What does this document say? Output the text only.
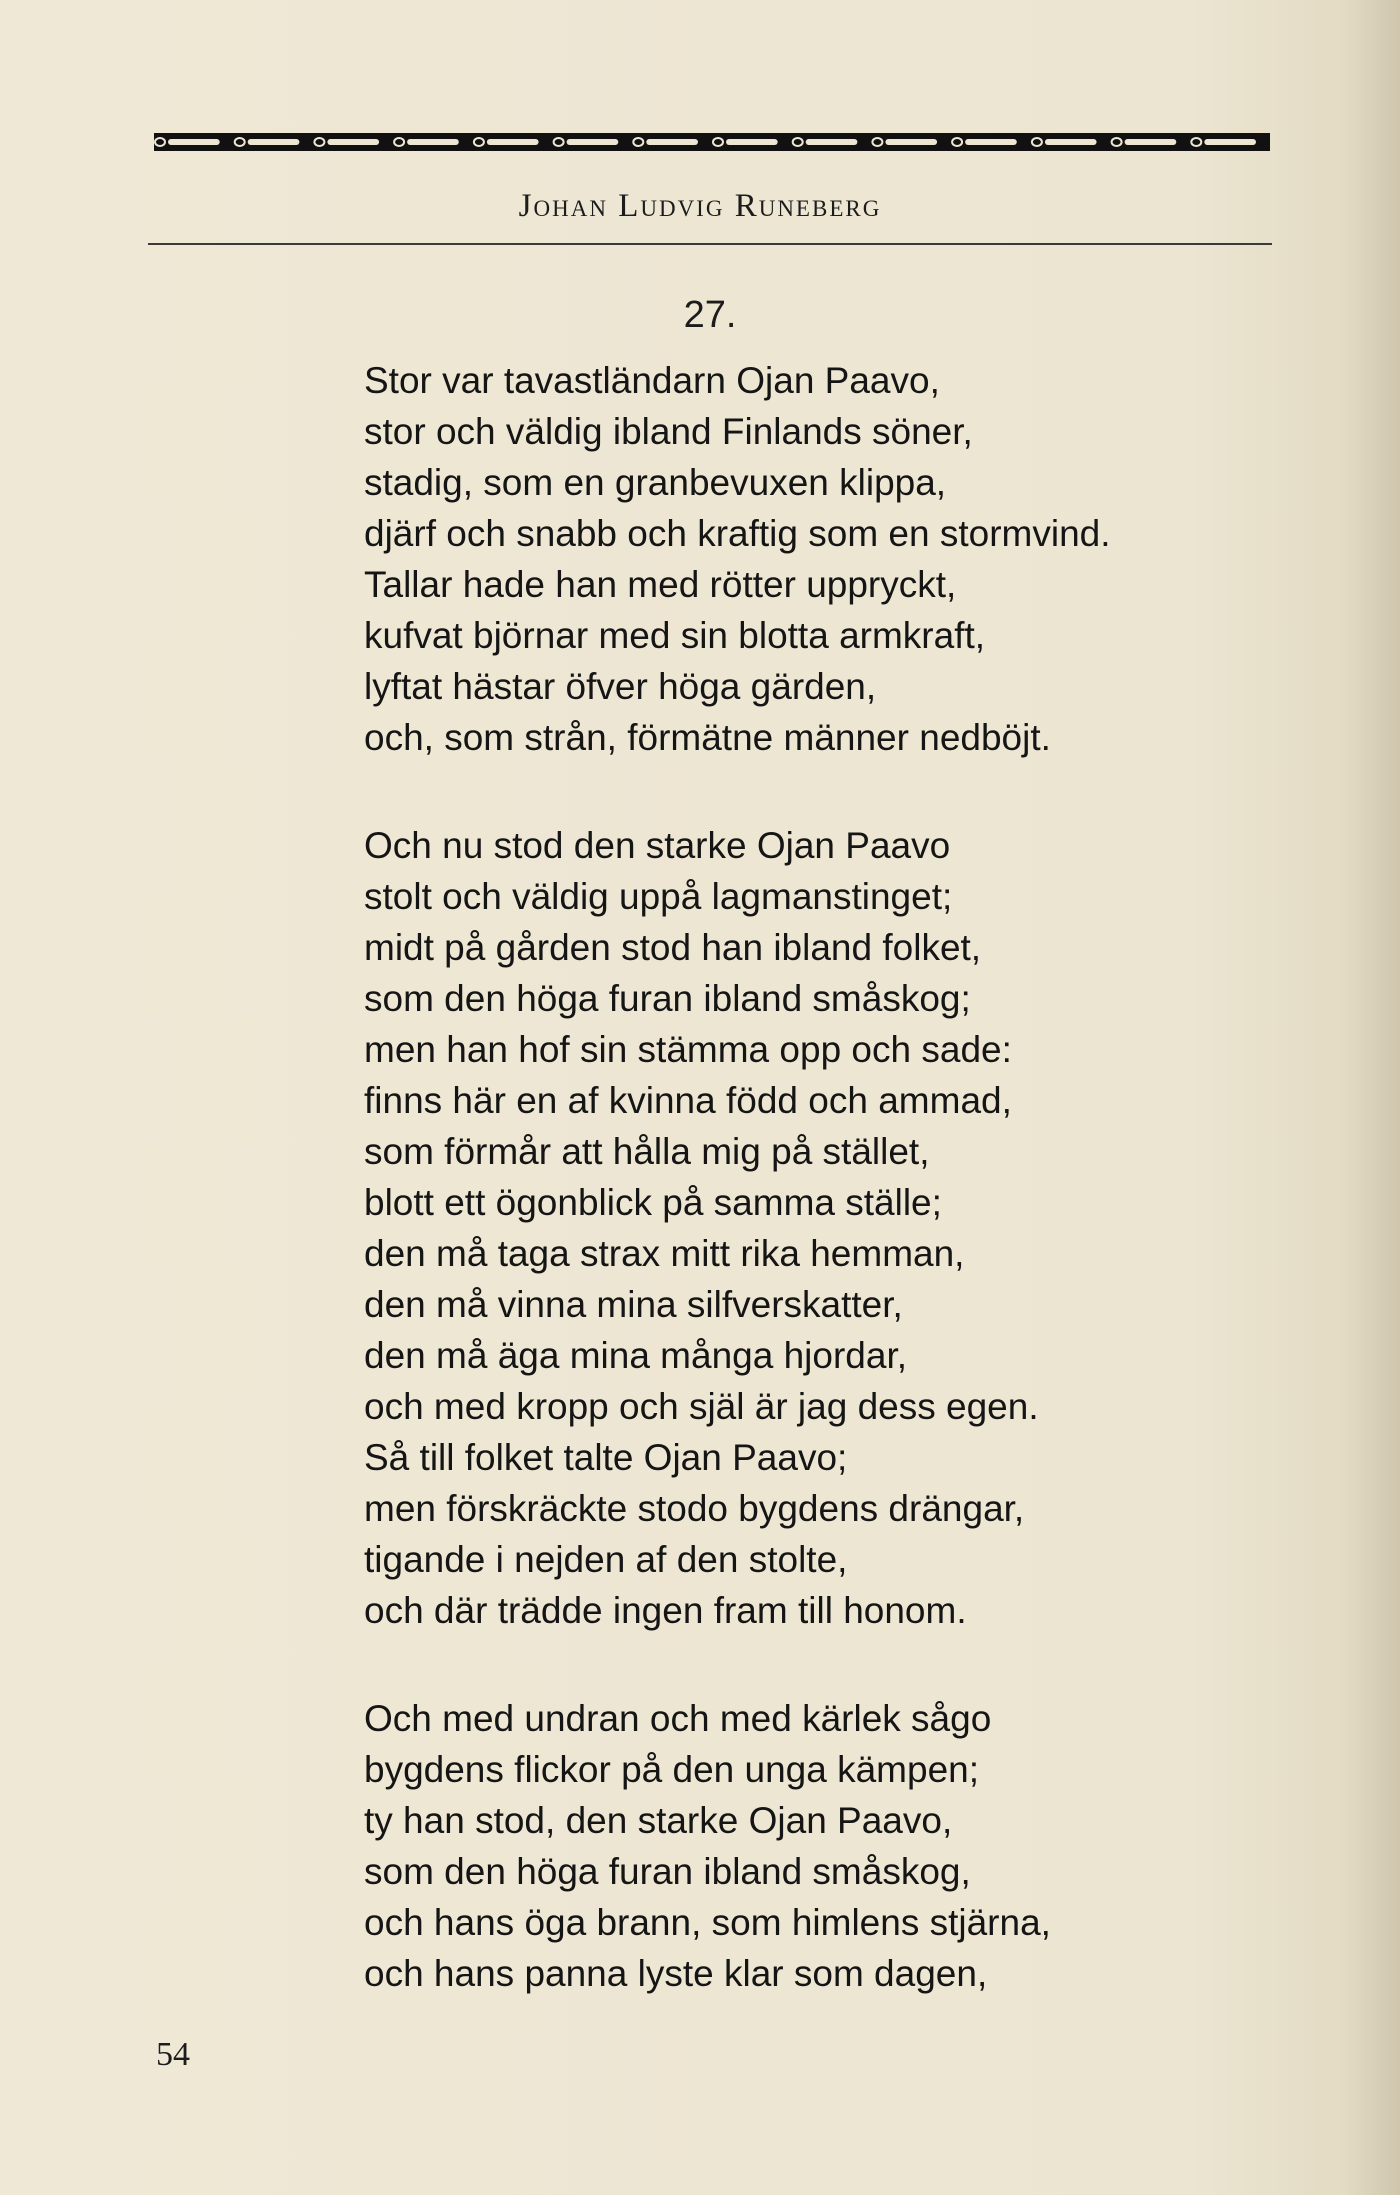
Johan Ludvig Runeberg
27.
Stor var tavastländarn Ojan Paavo,
stor och väldig ibland Finlands söner,
stadig, som en granbevuxen klippa,
djärf och snabb och kraftig som en stormvind.
Tallar hade han med rötter uppryckt,
kufvat björnar med sin blotta armkraft,
lyftat hästar öfver höga gärden,
och, som strån, förmätne männer nedböjt.
Och nu stod den starke Ojan Paavo
stolt och väldig uppå lagmanstinget;
midt på gården stod han ibland folket,
som den höga furan ibland småskog;
men han hof sin stämma opp och sade:
finns här en af kvinna född och ammad,
som förmår att hålla mig på stället,
blott ett ögonblick på samma ställe;
den må taga strax mitt rika hemman,
den må vinna mina silfverskatter,
den må äga mina många hjordar,
och med kropp och själ är jag dess egen.
Så till folket talte Ojan Paavo;
men förskräckte stodo bygdens drängar,
tigande i nejden af den stolte,
och där trädde ingen fram till honom.
Och med undran och med kärlek sågo
bygdens flickor på den unga kämpen;
ty han stod, den starke Ojan Paavo,
som den höga furan ibland småskog,
och hans öga brann, som himlens stjärna,
och hans panna lyste klar som dagen,
54
